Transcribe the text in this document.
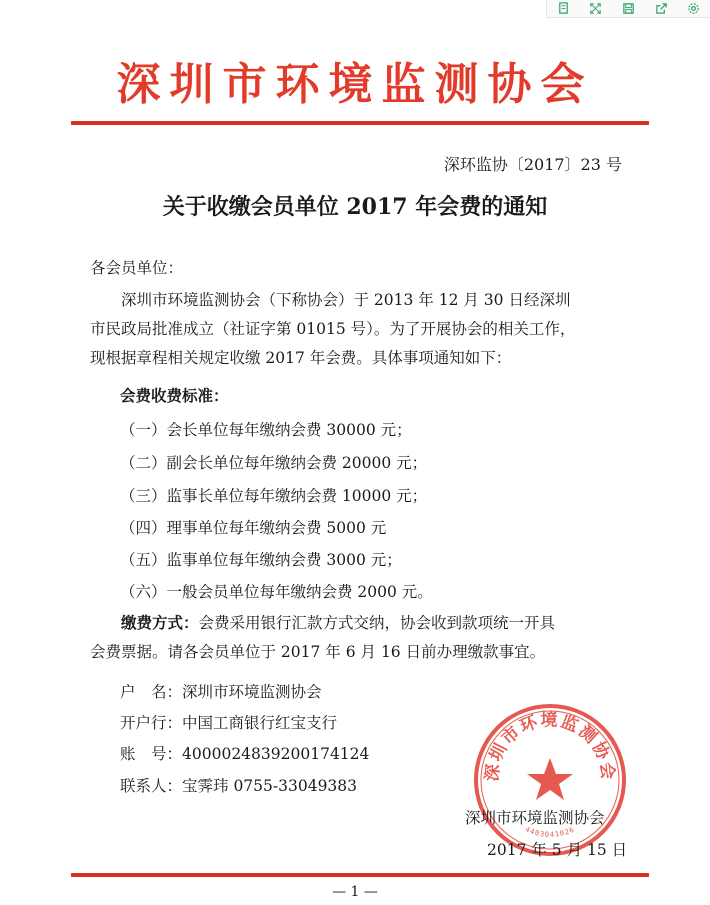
深圳市环境监测协会
深环监协〔2017〕23 号
关于收缴会员单位 2017 年会费的通知
各会员单位：
深圳市环境监测协会（下称协会）于 2013 年 12 月 30 日经深圳
市民政局批准成立（社证字第 01015 号）。为了开展协会的相关工作，
现根据章程相关规定收缴 2017 年会费。具体事项通知如下：
会费收费标准：
（一）会长单位每年缴纳会费 30000 元；
（二）副会长单位每年缴纳会费 20000 元；
（三）监事长单位每年缴纳会费 10000 元；
（四）理事单位每年缴纳会费 5000 元
（五）监事单位每年缴纳会费 3000 元；
（六）一般会员单位每年缴纳会费 2000 元。
缴费方式：会费采用银行汇款方式交纳，协会收到款项统一开具
会费票据。请各会员单位于 2017 年 6 月 16 日前办理缴款事宜。
户　名：深圳市环境监测协会
开户行：中国工商银行红宝支行
账　号：4000024839200174124
联系人：宝霁玮 0755-33049383
深圳市环境监测协会
4403041026
深圳市环境监测协会
2017 年 5 月 15 日
— 1 —
